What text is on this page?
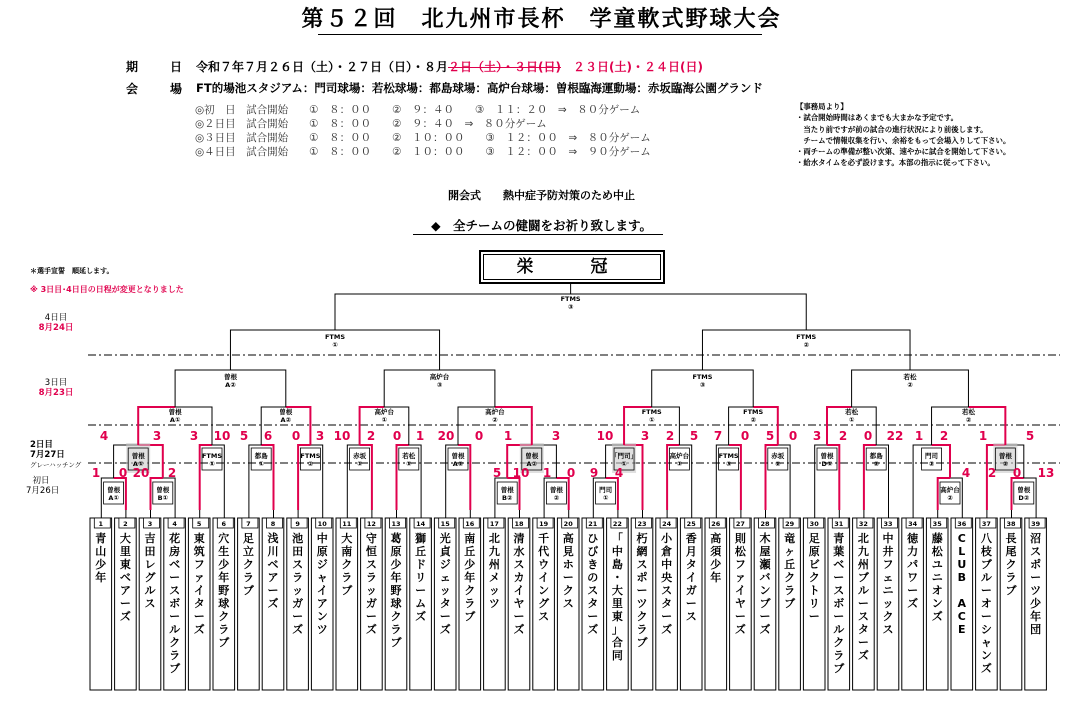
第５２回　北九州市長杯　学童軟式野球大会
期　日 令和７年７月２６日（土）・２７日（日）・８月２日（土）・３日(日)　 ２３日(土)・２４日(日)
会　場 FT的場池スタジアム：門司球場：若松球場：都島球場：高炉台球場：曽根臨海運動場：赤坂臨海公園グランド
◎初　日　試合開始　　①　８：００　　②　９：４０　　③　１１：２０　⇒　８０分ゲーム
◎２日目　試合開始　　①　８：００　　②　９：４０　⇒　８０分ゲーム
◎３日目　試合開始　　①　８：００　　②　１０：００　　③　１２：００　⇒　８０分ゲーム
◎４日目　試合開始　　①　８：００　　②　１０：００　　③　１２：００　⇒　９０分ゲーム
【事務局より】
・試合開始時間はあくまでも大まかな予定です。
　当たり前ですが前の試合の進行状況により前後します。
　チームで情報収集を行い、余裕をもって会場入りして下さい。
・両チームの準備が整い次第、速やかに試合を開始して下さい。
・給水タイムを必ず設けます。本部の指示に従って下さい。
開会式　　熱中症予防対策のため中止
◆　全チームの健闘をお祈り致します。
＊選手宣誓　順延します。
※ 3日目･4日目の日程が変更となりました
栄　冠
4日目
8月24日
3日目
8月23日
2日目
7月27日
グレーハッチング
初日
7月26日
1
青山少年
2
大里東ベアーズ
3
吉田レグルス
4
花房ベースボールクラブ
5
東筑ファイターズ
6
穴生少年野球クラブ
7
足立クラブ
8
浅川ベアーズ
9
池田スラッガーズ
10
中原ジャイアンツ
11
大南クラブ
12
守恒スラッガーズ
13
葛原少年野球クラブ
14
獅丘ドリームズ
15
光貞ジェッターズ
16
南丘少年クラブ
17
北九州メッツ
18
清水スカイヤーズ
19
千代ウイングス
20
高見ホークス
21
ひびきのスターズ
22
「中島・大里東」合同
23
朽網スポーツクラブ
24
小倉中央スターズ
25
香月タイガース
26
高須少年
27
則松ファイヤーズ
28
木屋瀬バンブーズ
29
竜ヶ丘クラブ
30
足原ビクトリー
31
青葉ベースボールクラブ
32
北九州ブルースターズ
33
中井フェニックス
34
徳力パワーズ
35
藤松ユニオンズ
36
C L U B　 A C E
37
八枝ブルーオーシャンズ
38
長尾クラブ
39
沼スポーツ少年団
曽根
A①
曽根
B①
曽根
B②
曽根
②
門司
①
高炉台
②
曽根
D②
曽根
A①
FTMS
①
都島
①
FTMS
②
赤坂
①
若松
①
曽根
A②
曽根
A②
「門司」
①
高炉台
①
FTMS
③
赤坂
②
曽根
D①
都島
②
門司
②
曽根
②
曽根
A①
曽根
A②
高炉台
①
高炉台
②
FTMS
①
FTMS
②
若松
①
若松
②
曽根
A②
高炉台
③
FTMS
③
若松
②
FTMS
①
FTMS
②
FTMS
③
4	3
1 0 20 2
3 10 5 6 0 3 10 2 0 1 20 0 1	3
5 10 1 0
10 3 2 5
9 4
7 0 5 0 3 2 0 22 1 2	1	5
4 2 0 13
